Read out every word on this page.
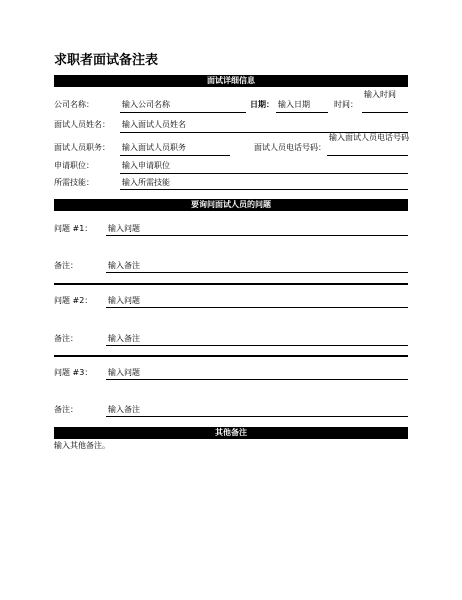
求职者面试备注表
面试详细信息
公司名称：	输入公司名称	日期： 输入日期	时间：
输入时间
面试人员姓名： 输入面试人员姓名
面试人员职务： 输入面试人员职务	面试人员电话号码：
输入面试人员电话号码
申请职位：	输入申请职位
所需技能：	输入所需技能
要询问面试人员的问题
问题 #1： 输入问题
备注：	输入备注
问题 #2： 输入问题
备注：	输入备注
问题 #3： 输入问题
备注：	输入备注
其他备注
输入其他备注。
